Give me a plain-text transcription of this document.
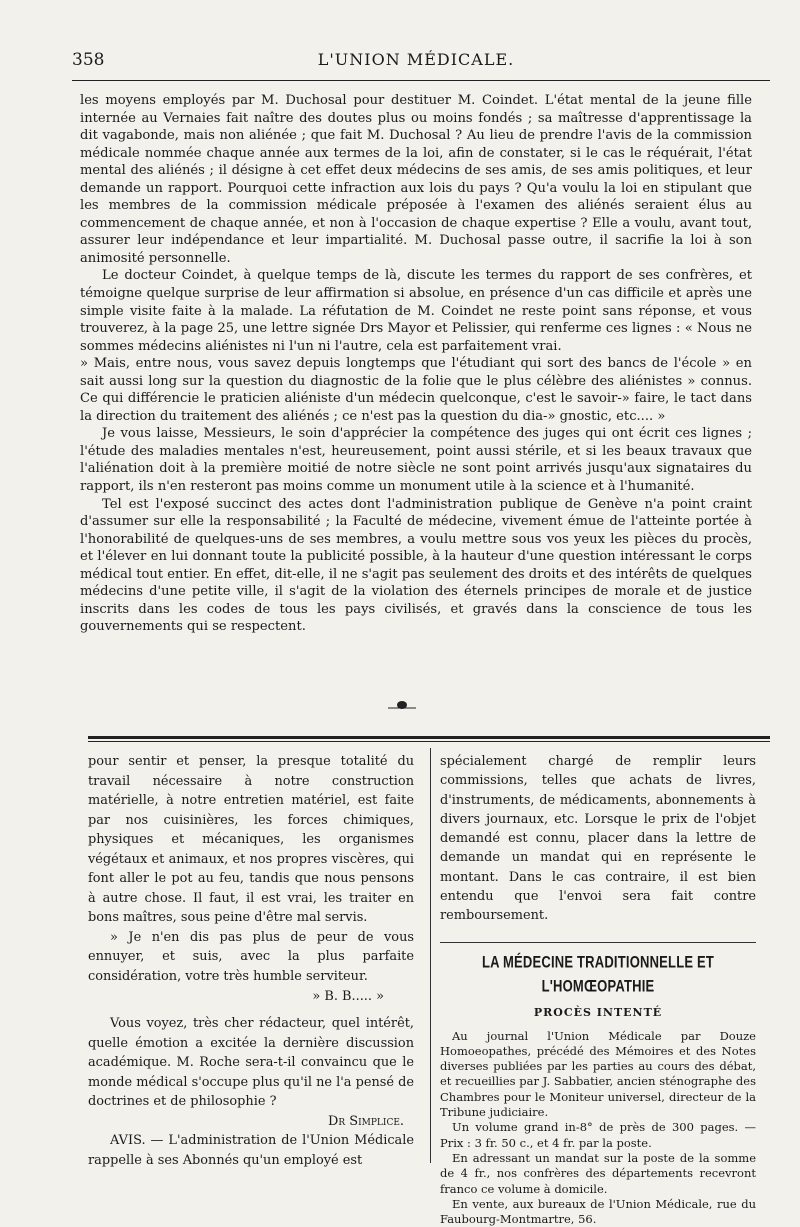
358	L'UNION MÉDICALE.

les moyens employés par M. Duchosal pour destituer M. Coindet. L'état mental de la jeune fille internée au Vernaies fait naître des doutes plus ou moins fondés ; sa maîtresse d'apprentissage la dit vagabonde, mais non aliénée ; que fait M. Duchosal ? Au lieu de prendre l'avis de la commission médicale nommée chaque année aux termes de la loi, afin de constater, si le cas le réquérait, l'état mental des aliénés ; il désigne à cet effet deux médecins de ses amis, de ses amis politiques, et leur demande un rapport. Pourquoi cette infraction aux lois du pays ? Qu'a voulu la loi en stipulant que les membres de la commission médicale préposée à l'examen des aliénés seraient élus au commencement de chaque année, et non à l'occasion de chaque expertise ? Elle a voulu, avant tout, assurer leur indépendance et leur impartialité. M. Duchosal passe outre, il sacrifie la loi à son animosité personnelle.

Le docteur Coindet, à quelque temps de là, discute les termes du rapport de ses confrères, et témoigne quelque surprise de leur affirmation si absolue, en présence d'un cas difficile et après une simple visite faite à la malade. La réfutation de M. Coindet ne reste point sans réponse, et vous trouverez, à la page 25, une lettre signée Drs Mayor et Pelissier, qui renferme ces lignes : « Nous ne sommes médecins aliénistes ni l'un ni l'autre, cela est parfaitement vrai.

» Mais, entre nous, vous savez depuis longtemps que l'étudiant qui sort des bancs de l'école » en sait aussi long sur la question du diagnostic de la folie que le plus célèbre des aliénistes » connus. Ce qui différencie le praticien aliéniste d'un médecin quelconque, c'est le savoir-» faire, le tact dans la direction du traitement des aliénés ; ce n'est pas la question du dia-» gnostic, etc.... »

Je vous laisse, Messieurs, le soin d'apprécier la compétence des juges qui ont écrit ces lignes ; l'étude des maladies mentales n'est, heureusement, point aussi stérile, et si les beaux travaux que l'aliénation doit à la première moitié de notre siècle ne sont point arrivés jusqu'aux signataires du rapport, ils n'en resteront pas moins comme un monument utile à la science et à l'humanité.

Tel est l'exposé succinct des actes dont l'administration publique de Genève n'a point craint d'assumer sur elle la responsabilité ; la Faculté de médecine, vivement émue de l'atteinte portée à l'honorabilité de quelques-uns de ses membres, a voulu mettre sous vos yeux les pièces du procès, et l'élever en lui donnant toute la publicité possible, à la hauteur d'une question intéressant le corps médical tout entier. En effet, dit-elle, il ne s'agit pas seulement des droits et des intérêts de quelques médecins d'une petite ville, il s'agit de la violation des éternels principes de morale et de justice inscrits dans les codes de tous les pays civilisés, et gravés dans la conscience de tous les gouvernements qui se respectent.

pour sentir et penser, la presque totalité du travail nécessaire à notre construction matérielle, à notre entretien matériel, est faite par nos cuisinières, les forces chimiques, physiques et mécaniques, les organismes végétaux et animaux, et nos propres viscères, qui font aller le pot au feu, tandis que nous pensons à autre chose. Il faut, il est vrai, les traiter en bons maîtres, sous peine d'être mal servis.

» Je n'en dis pas plus de peur de vous ennuyer, et suis, avec la plus parfaite considération, votre très humble serviteur.

» B. B..... »

Vous voyez, très cher rédacteur, quel intérêt, quelle émotion a excitée la dernière discussion académique. M. Roche sera-t-il convaincu que le monde médical s'occupe plus qu'il ne l'a pensé de doctrines et de philosophie ?

Dr Simplice.

AVIS. — L'administration de l'Union Médicale rappelle à ses Abonnés qu'un employé est

spécialement chargé de remplir leurs commissions, telles que achats de livres, d'instruments, de médicaments, abonnements à divers journaux, etc. Lorsque le prix de l'objet demandé est connu, placer dans la lettre de demande un mandat qui en représente le montant. Dans le cas contraire, il est bien entendu que l'envoi sera fait contre remboursement.

LA MÉDECINE TRADITIONNELLE ET L'HOMŒOPATHIE
PROCÈS INTENTÉ

Au journal l'Union Médicale par Douze Homoeopathes, précédé des Mémoires et des Notes diverses publiées par les parties au cours des débat, et recueillies par J. Sabbatier, ancien sténographe des Chambres pour le Moniteur universel, directeur de la Tribune judiciaire.

Un volume grand in-8° de près de 300 pages. — Prix : 3 fr. 50 c., et 4 fr. par la poste.

En adressant un mandat sur la poste de la somme de 4 fr., nos confrères des départements recevront franco ce volume à domicile.

En vente, aux bureaux de l'Union Médicale, rue du Faubourg-Montmartre, 56.
